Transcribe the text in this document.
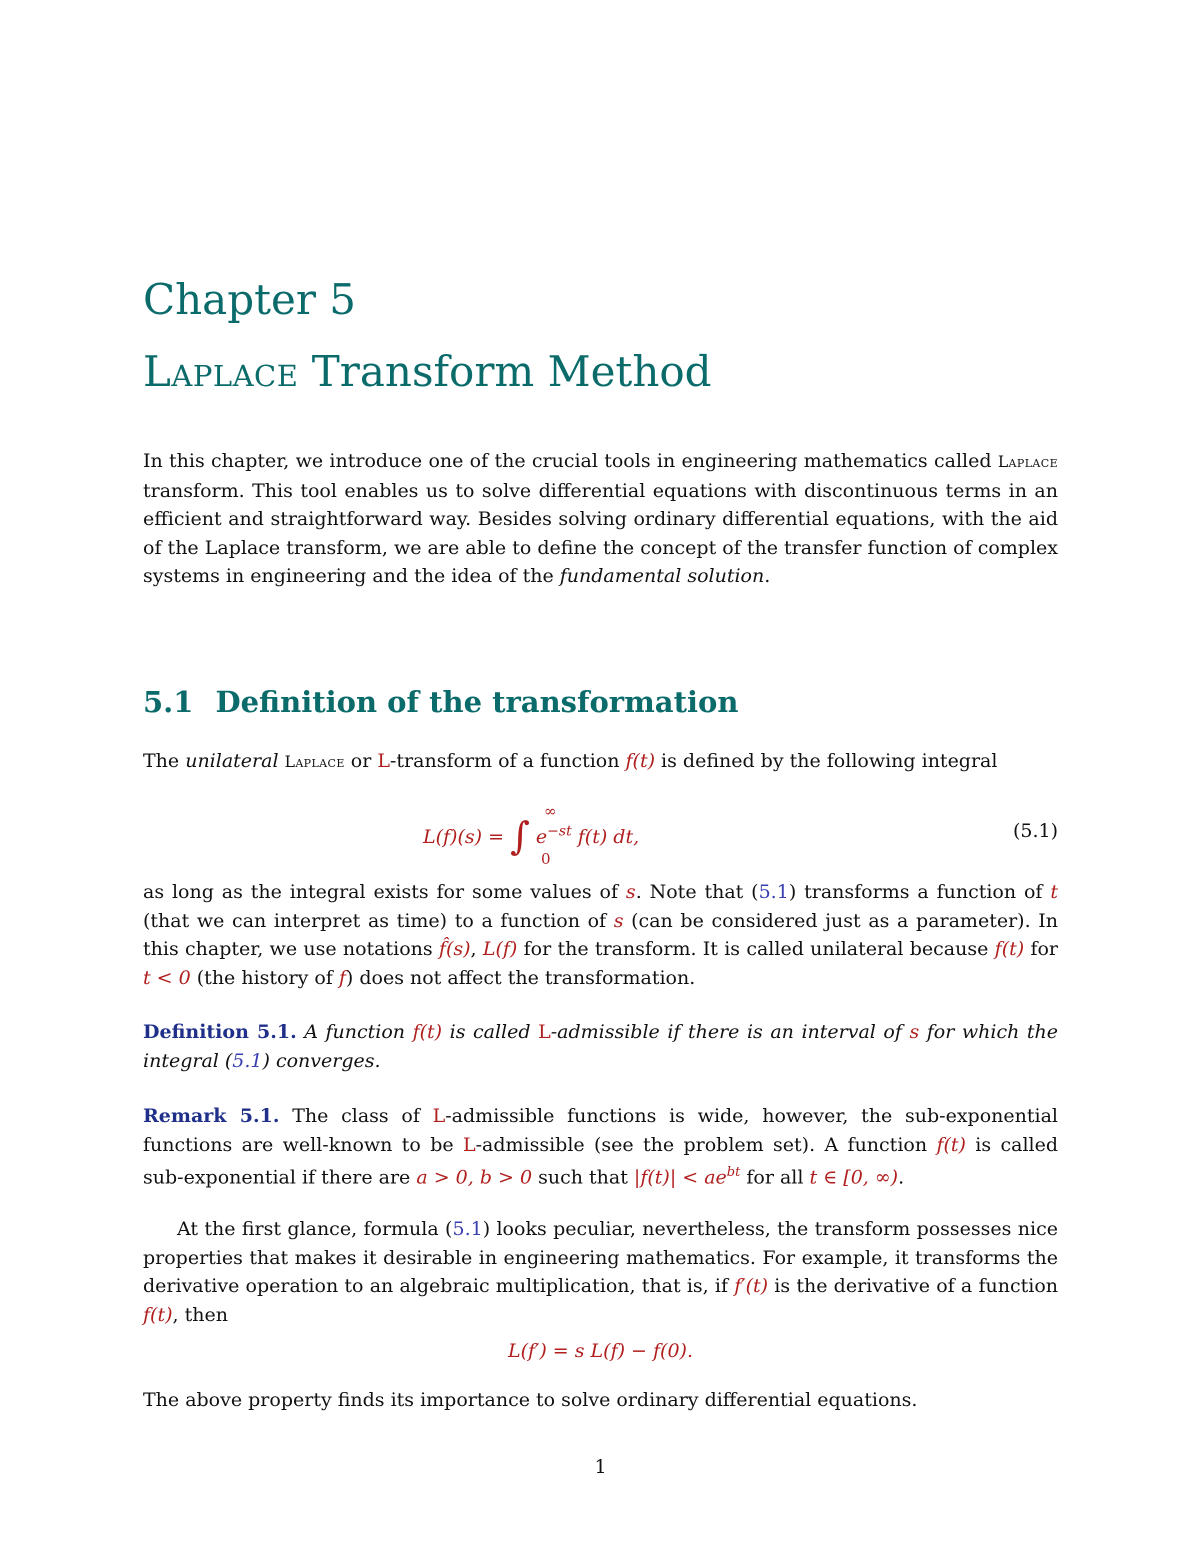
Chapter 5
Laplace Transform Method

In this chapter, we introduce one of the crucial tools in engineering mathematics called Laplace transform. This tool enables us to solve differential equations with discontinuous terms in an efficient and straightforward way. Besides solving ordinary differential equations, with the aid of the Laplace transform, we are able to define the concept of the transfer function of complex systems in engineering and the idea of the fundamental solution.

5.1 Definition of the transformation

The unilateral Laplace or L-transform of a function f(t) is defined by the following integral

L(f)(s) = ∫ $e^{-st}$ f(t) dt,
∞
0
(5.1)

as long as the integral exists for some values of s. Note that (5.1) transforms a function of t (that we can interpret as time) to a function of s (can be considered just as a parameter). In this chapter, we use notations f̂(s), L(f) for the transform. It is called unilateral because f(t) for t < 0 (the history of f) does not affect the transformation.

Definition 5.1. A function f(t) is called L-admissible if there is an interval of s for which the integral (5.1) converges.

Remark 5.1. The class of L-admissible functions is wide, however, the sub-exponential functions are well-known to be L-admissible (see the problem set). A function f(t) is called sub-exponential if there are a > 0, b > 0 such that $|f(t)| < ae^{bt}$ for all t ∈ [0, ∞).

At the first glance, formula (5.1) looks peculiar, nevertheless, the transform possesses nice properties that makes it desirable in engineering mathematics. For example, it transforms the derivative operation to an algebraic multiplication, that is, if f′(t) is the derivative of a function f(t), then

L(f′) = s L(f) − f(0).

The above property finds its importance to solve ordinary differential equations.

1
